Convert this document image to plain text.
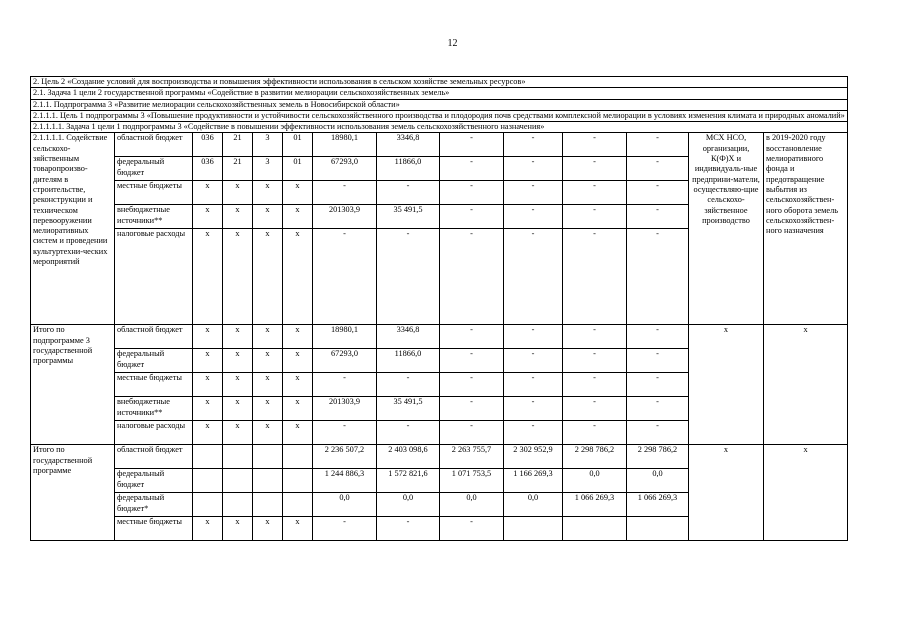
12
2. Цель 2 «Создание условий для воспроизводства и повышения эффективности использования в сельском хозяйстве земельных ресурсов»													
2.1. Задача 1 цели 2 государственной программы «Содействие в развитии мелиорации сельскохозяйственных земель»													
2.1.1. Подпрограмма 3 «Развитие мелиорации сельскохозяйственных земель в Новосибирской области»													
2.1.1.1. Цель 1 подпрограммы 3 «Повышение продуктивности и устойчивости сельскохозяйственного производства и плодородия почв средствами комплексной мелиорации в условиях изменения климата и природных аномалий»													
2.1.1.1.1. Задача 1 цели 1 подпрограммы 3 «Содействие в повышении эффективности использования земель сельскохозяйственного назначения»													
2.1.1.1.1. Содействие сельскохо-зяйственным товаропроизво-дителям в строительстве, реконструкции и техническом перевооружении мелиоративных систем и проведении культуртехни-ческих мероприятий	областной бюджет	036	21	3	01	18980,1	3346,8	-	-	-	-	МСХ НСО, организации, К(Ф)Х и индивидуаль-ные предприни-матели, осуществляю-щие сельскохо-зяйственное производство	в 2019-2020 году восстановление мелиоративного фонда и предотвращение выбытия из сельскохозяйствен-ного оборота земель сельскохозяйствен-ного назначения
	федеральный бюджет	036	21	3	01	67293,0	11866,0	-	-	-	-		
	местные бюджеты	х	х	х	х	-	-	-	-	-	-		
	внебюджетные источники**	х	х	х	х	201303,9	35 491,5	-	-	-	-		
	налоговые расходы	х	х	х	х	-	-	-	-	-	-		
Итого по подпрограмме 3 государственной программы	областной бюджет	х	х	х	х	18980,1	3346,8	-	-	-	-	х	х
	федеральный бюджет	х	х	х	х	67293,0	11866,0	-	-	-	-		
	местные бюджеты	х	х	х	х	-	-	-	-	-	-		
	внебюджетные источники**	х	х	х	х	201303,9	35 491,5	-	-	-	-		
	налоговые расходы	х	х	х	х	-	-	-	-	-	-		
Итого по государственной программе	областной бюджет					2 236 507,2	2 403 098,6	2 263 755,7	2 302 952,9	2 298 786,2	2 298 786,2	х	х
	федеральный бюджет					1 244 886,3	1 572 821,6	1 071 753,5	1 166 269,3	0,0	0,0		
	федеральный бюджет*					0,0	0,0	0,0	0,0	1 066 269,3	1 066 269,3		
	местные бюджеты	х	х	х	х	-	-	-					
